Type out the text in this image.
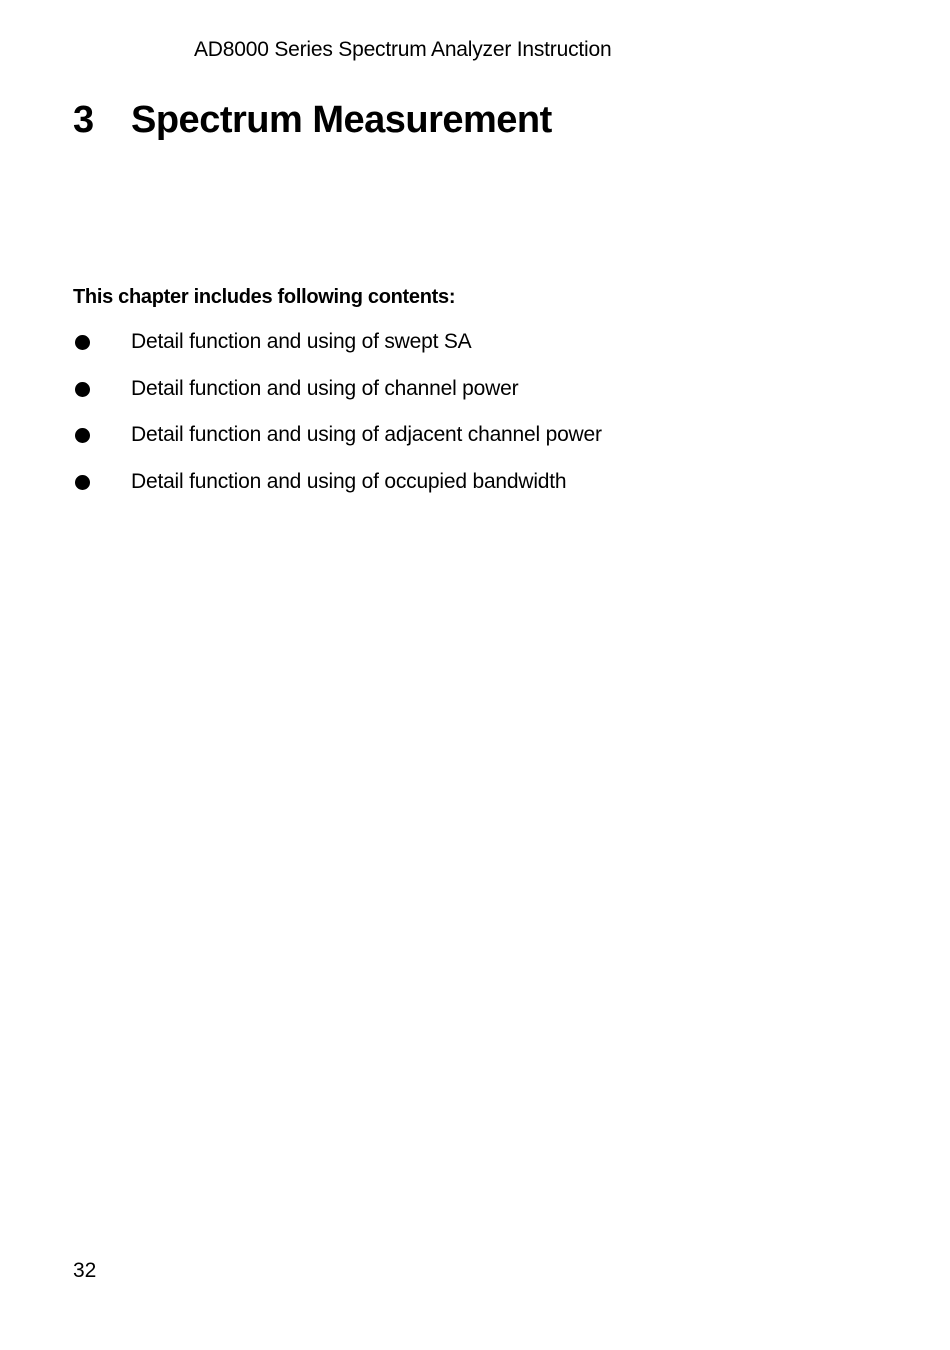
AD8000 Series Spectrum Analyzer Instruction
3 Spectrum Measurement

This chapter includes following contents:

Detail function and using of swept SA
Detail function and using of channel power
Detail function and using of adjacent channel power
Detail function and using of occupied bandwidth
32
